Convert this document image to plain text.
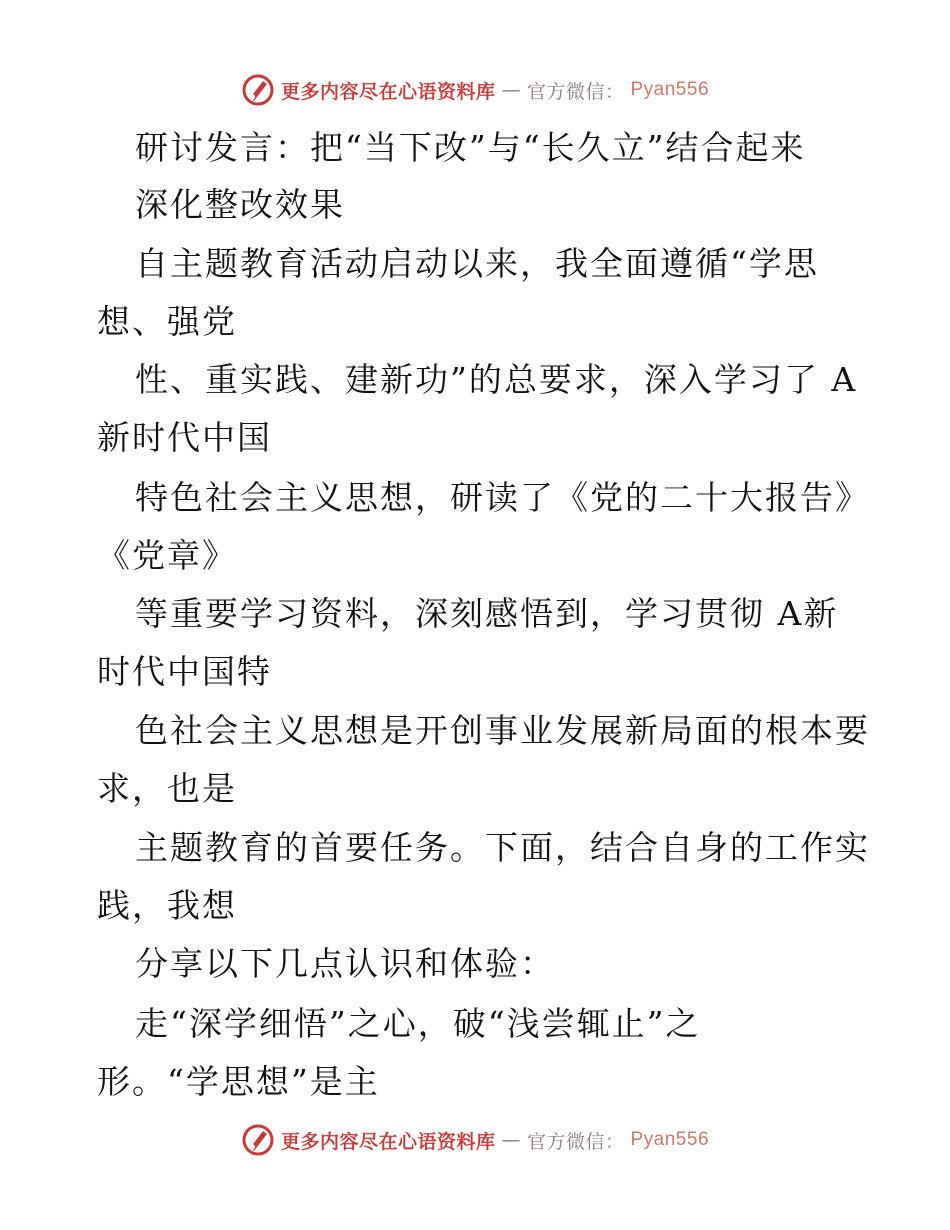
更多内容尽在心语资料库 — 官方微信： Pyan556
研讨发言：把“当下改”与“长久立”结合起来
深化整改效果
自主题教育活动启动以来，我全面遵循“学思
想、强党
性、重实践、建新功”的总要求，深入学习了 A
新时代中国
特色社会主义思想，研读了《党的二十大报告》
《党章》
等重要学习资料，深刻感悟到，学习贯彻 A新
时代中国特
色社会主义思想是开创事业发展新局面的根本要
求，也是
主题教育的首要任务。下面，结合自身的工作实
践，我想
分享以下几点认识和体验：
走“深学细悟”之心，破“浅尝辄止”之
形。“学思想”是主
更多内容尽在心语资料库 — 官方微信： Pyan556
